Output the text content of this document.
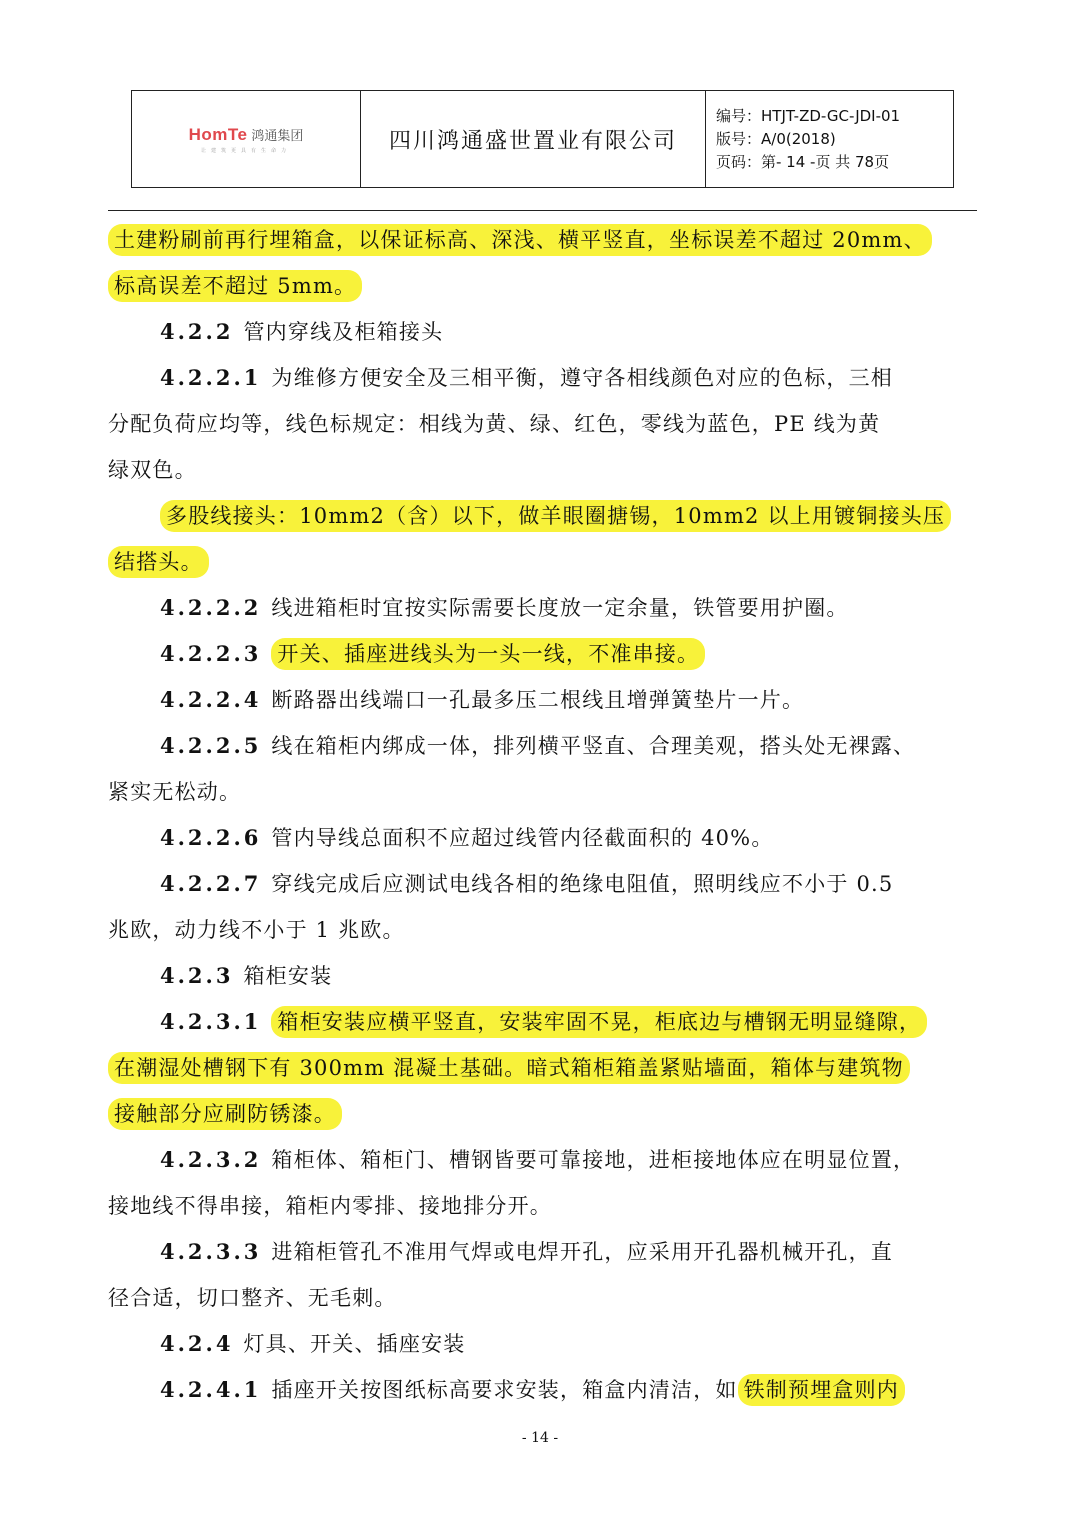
HomTe 鸿通集团
让建筑更具有生命力	四川鸿通盛世置业有限公司
编号：HTJT-ZD-GC-JDⅠ-01
版号：A/0(2018)
页码：第- 14 -页 共 78页
土建粉刷前再行埋箱盒，以保证标高、深浅、横平竖直，坐标误差不超过 20mm、
标高误差不超过 5mm。
4.2.2 管内穿线及柜箱接头
4.2.2.1 为维修方便安全及三相平衡，遵守各相线颜色对应的色标，三相
分配负荷应均等，线色标规定：相线为黄、绿、红色，零线为蓝色，PE 线为黄
绿双色。
多股线接头：10mm2（含）以下，做羊眼圈搪锡，10mm2 以上用镀铜接头压
结搭头。
4.2.2.2 线进箱柜时宜按实际需要长度放一定余量，铁管要用护圈。
4.2.2.3 开关、插座进线头为一头一线，不准串接。
4.2.2.4 断路器出线端口一孔最多压二根线且增弹簧垫片一片。
4.2.2.5 线在箱柜内绑成一体，排列横平竖直、合理美观，搭头处无裸露、
紧实无松动。
4.2.2.6 管内导线总面积不应超过线管内径截面积的 40%。
4.2.2.7 穿线完成后应测试电线各相的绝缘电阻值，照明线应不小于 0.5
兆欧，动力线不小于 1 兆欧。
4.2.3 箱柜安装
4.2.3.1 箱柜安装应横平竖直，安装牢固不晃，柜底边与槽钢无明显缝隙，
在潮湿处槽钢下有 300mm 混凝土基础。暗式箱柜箱盖紧贴墙面，箱体与建筑物
接触部分应刷防锈漆。
4.2.3.2 箱柜体、箱柜门、槽钢皆要可靠接地，进柜接地体应在明显位置，
接地线不得串接，箱柜内零排、接地排分开。
4.2.3.3 进箱柜管孔不准用气焊或电焊开孔，应采用开孔器机械开孔，直
径合适，切口整齐、无毛刺。
4.2.4 灯具、开关、插座安装
4.2.4.1 插座开关按图纸标高要求安装，箱盒内清洁，如 铁制预埋盒则内
- 14 -
